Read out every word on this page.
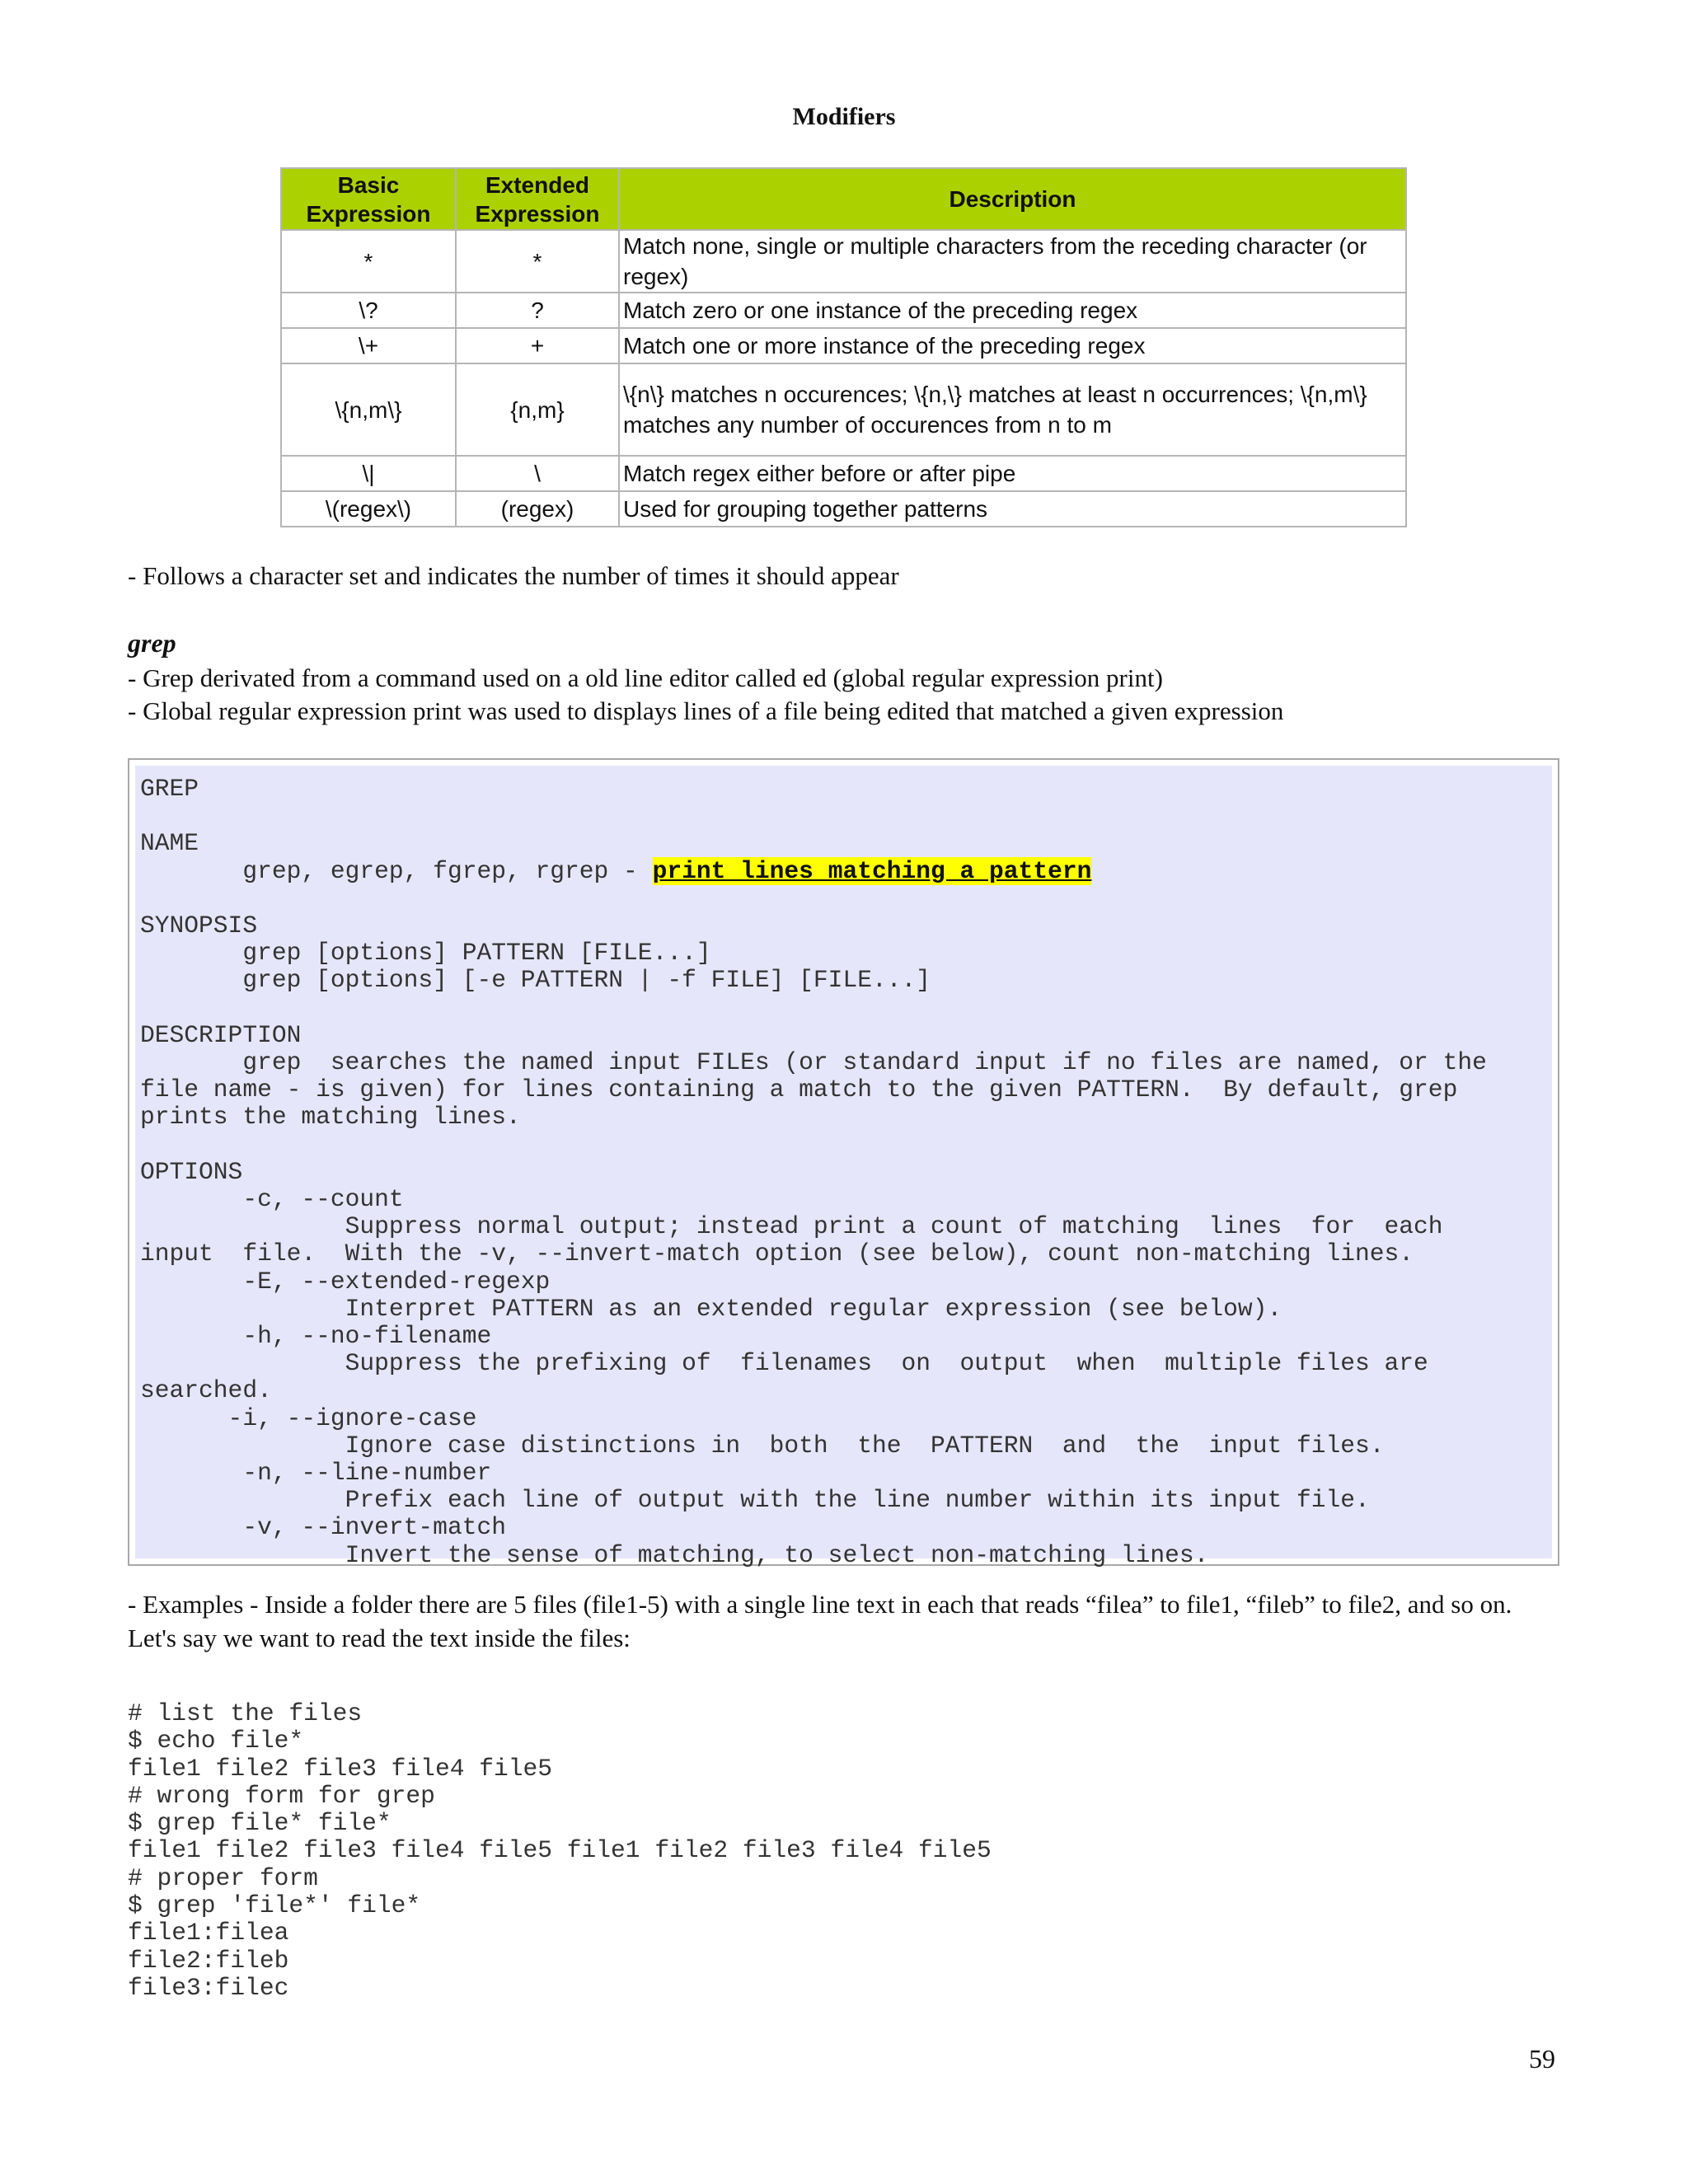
Modifiers
Basic Expression	Extended Expression	Description
*	*	Match none, single or multiple characters from the receding character (or regex)
\?	?	Match zero or one instance of the preceding regex
\+	+	Match one or more instance of the preceding regex
\{n,m\}	{n,m}	\{n\} matches n occurences; \{n,\} matches at least n occurrences; \{n,m\} matches any number of occurences from n to m
\|	\	Match regex either before or after pipe
\(regex\)	(regex)	Used for grouping together patterns
- Follows a character set and indicates the number of times it should appear
grep
- Grep derivated from a command used on a old line editor called ed (global regular expression print)
- Global regular expression print was used to displays lines of a file being edited that matched a given expression
GREP

NAME
grep, egrep, fgrep, rgrep - print lines matching a pattern

SYNOPSIS
grep [options] PATTERN [FILE...]
grep [options] [-e PATTERN | -f FILE] [FILE...]

DESCRIPTION
grep  searches the named input FILEs (or standard input if no files are named, or the
file name - is given) for lines containing a match to the given PATTERN.  By default, grep
prints the matching lines.

OPTIONS
-c, --count
Suppress normal output; instead print a count of matching  lines  for  each
input  file.  With the -v, --invert-match option (see below), count non-matching lines.
-E, --extended-regexp
Interpret PATTERN as an extended regular expression (see below).
-h, --no-filename
Suppress the prefixing of  filenames  on  output  when  multiple files are
searched.
-i, --ignore-case
Ignore case distinctions in  both  the  PATTERN  and  the  input files.
-n, --line-number
Prefix each line of output with the line number within its input file.
-v, --invert-match
Invert the sense of matching, to select non-matching lines.
- Examples - Inside a folder there are 5 files (file1-5) with a single line text in each that reads “filea” to file1, “fileb” to file2, and so on. Let's say we want to read the text inside the files:
# list the files
$ echo file*
file1 file2 file3 file4 file5
# wrong form for grep
$ grep file* file*
file1 file2 file3 file4 file5 file1 file2 file3 file4 file5
# proper form
$ grep 'file*' file*
file1:filea
file2:fileb
file3:filec
59
